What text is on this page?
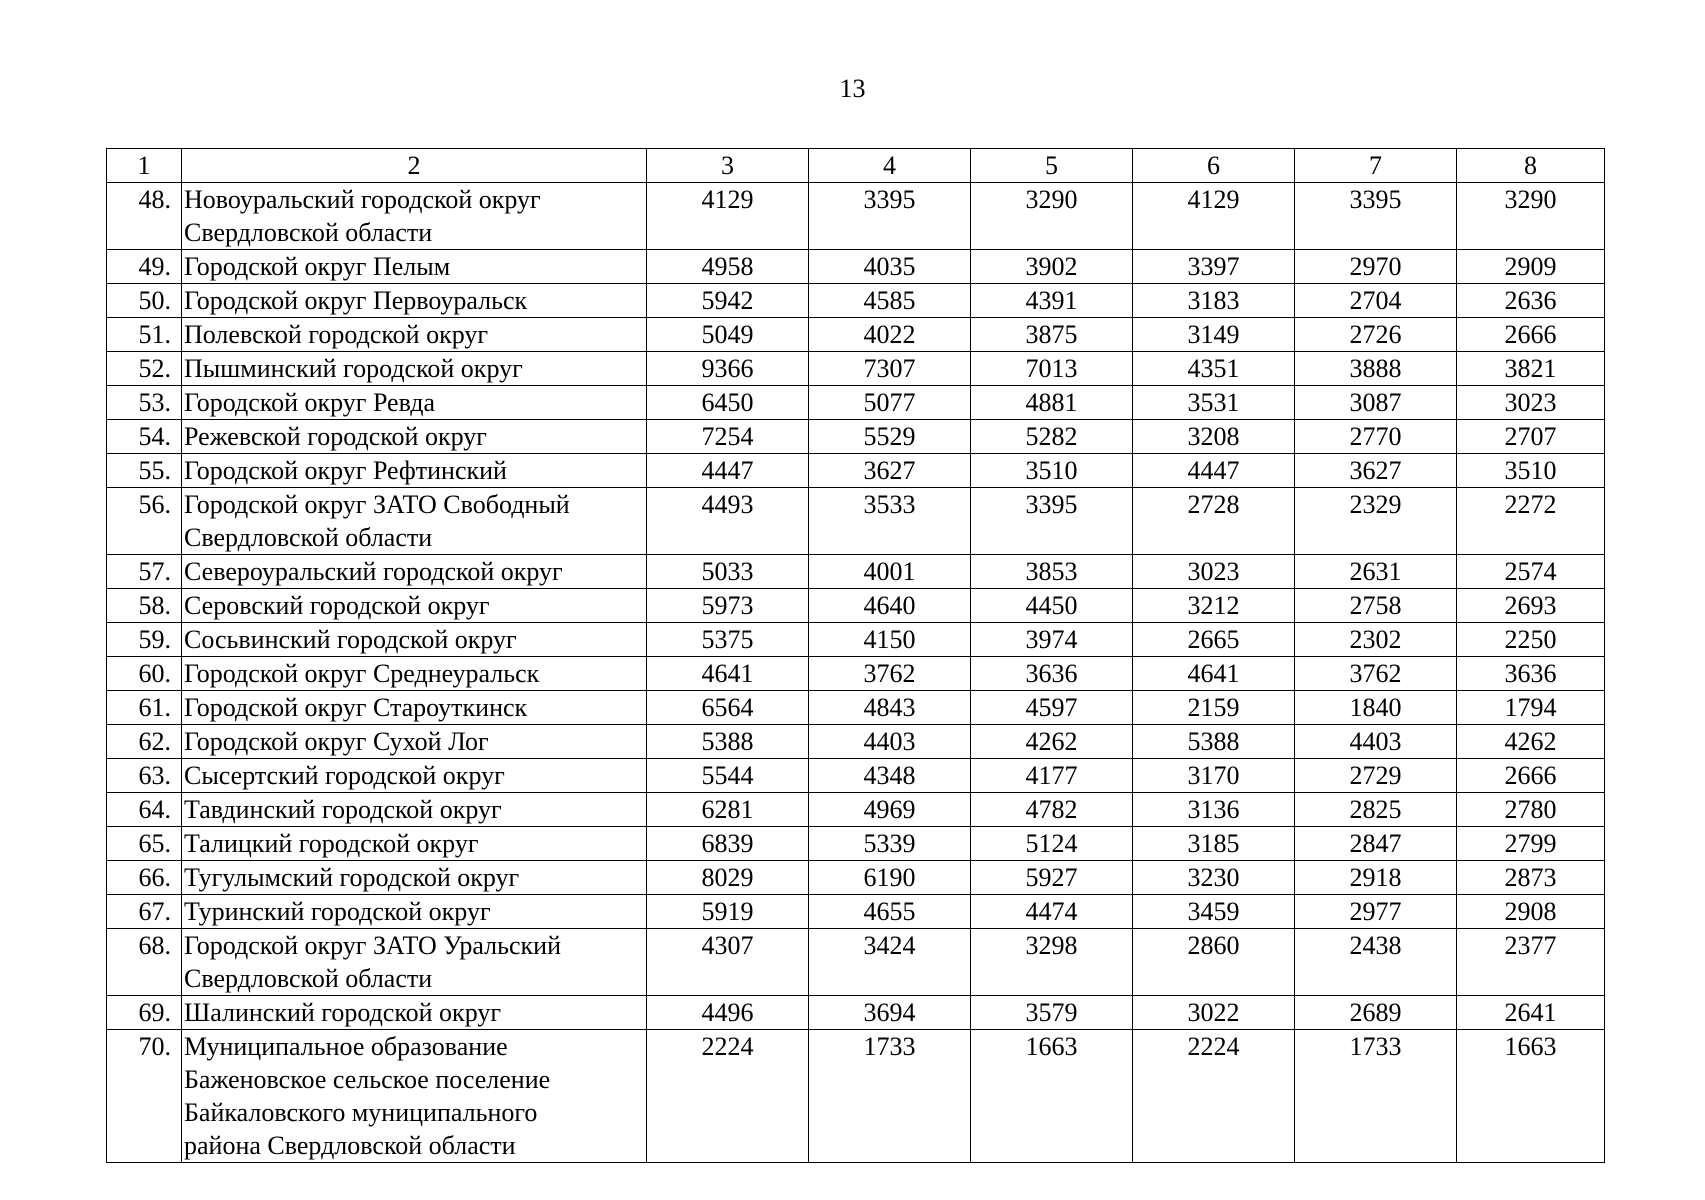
13
1	2	3	4	5	6	7	8
48.	Новоуральский городской округ
Свердловской области	4129	3395	3290	4129	3395	3290
49.	Городской округ Пелым	4958	4035	3902	3397	2970	2909
50.	Городской округ Первоуральск	5942	4585	4391	3183	2704	2636
51.	Полевской городской округ	5049	4022	3875	3149	2726	2666
52.	Пышминский городской округ	9366	7307	7013	4351	3888	3821
53.	Городской округ Ревда	6450	5077	4881	3531	3087	3023
54.	Режевской городской округ	7254	5529	5282	3208	2770	2707
55.	Городской округ Рефтинский	4447	3627	3510	4447	3627	3510
56.	Городской округ ЗАТО Свободный
Свердловской области	4493	3533	3395	2728	2329	2272
57.	Североуральский городской округ	5033	4001	3853	3023	2631	2574
58.	Серовский городской округ	5973	4640	4450	3212	2758	2693
59.	Сосьвинский городской округ	5375	4150	3974	2665	2302	2250
60.	Городской округ Среднеуральск	4641	3762	3636	4641	3762	3636
61.	Городской округ Староуткинск	6564	4843	4597	2159	1840	1794
62.	Городской округ Сухой Лог	5388	4403	4262	5388	4403	4262
63.	Сысертский городской округ	5544	4348	4177	3170	2729	2666
64.	Тавдинский городской округ	6281	4969	4782	3136	2825	2780
65.	Талицкий городской округ	6839	5339	5124	3185	2847	2799
66.	Тугулымский городской округ	8029	6190	5927	3230	2918	2873
67.	Туринский городской округ	5919	4655	4474	3459	2977	2908
68.	Городской округ ЗАТО Уральский
Свердловской области	4307	3424	3298	2860	2438	2377
69.	Шалинский городской округ	4496	3694	3579	3022	2689	2641
70.	Муниципальное образование
Баженовское сельское поселение
Байкаловского муниципального
района Свердловской области	2224	1733	1663	2224	1733	1663
